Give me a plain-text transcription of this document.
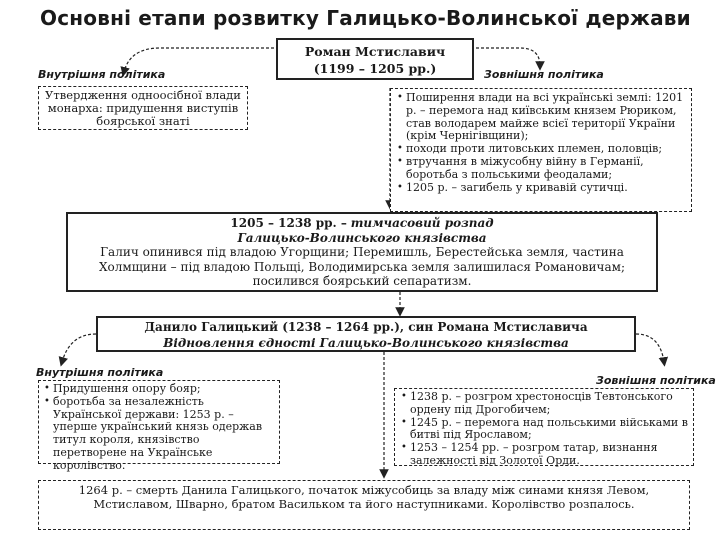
Основні етапи розвитку Галицько-Волинської держави
Роман Мстиславич
(1199 – 1205 рр.)
Внутрішня політика	Зовнішня політика
Утвердження одноосібної влади монарха: придушення виступів боярської знаті
• Поширення влади на всі українські землі: 1201 р. – перемога над київським князем Рюриком, став володарем майже всієї території України (крім Чернігівщини);
• походи проти литовських племен, половців;
• втручання в міжусобну війну в Германії, боротьба з польськими феодалами;
• 1205 р. – загибель у кривавій сутичці.
1205 – 1238 рр. – тимчасовий розпад
Галицько-Волинського князівства
Галич опинився під владою Угорщини; Перемишль, Берестейська земля, частина Холмщини – під владою Польщі, Володимирська земля залишилася Романовичам; посилився боярський сепаратизм.
Данило Галицький (1238 – 1264 рр.), син Романа Мстиславича
Відновлення єдності Галицько-Волинського князівства
Внутрішня політика
Зовнішня політика
• Придушення опору бояр;
• боротьба за незалежність Української держави: 1253 р. – уперше український князь одержав титул короля, князівство перетворене на Українське королівство.
• 1238 р. – розгром хрестоносців Тевтонського ордену під Дрогобичем;
• 1245 р. – перемога над польськими військами в битві під Ярославом;
• 1253 – 1254 рр. – розгром татар, визнання залежності від Золотої Орди.
1264 р. – смерть Данила Галицького, початок міжусобиць за владу між синами князя Левом, Мстиславом, Шварно, братом Васильком та його наступниками. Королівство розпалось.
